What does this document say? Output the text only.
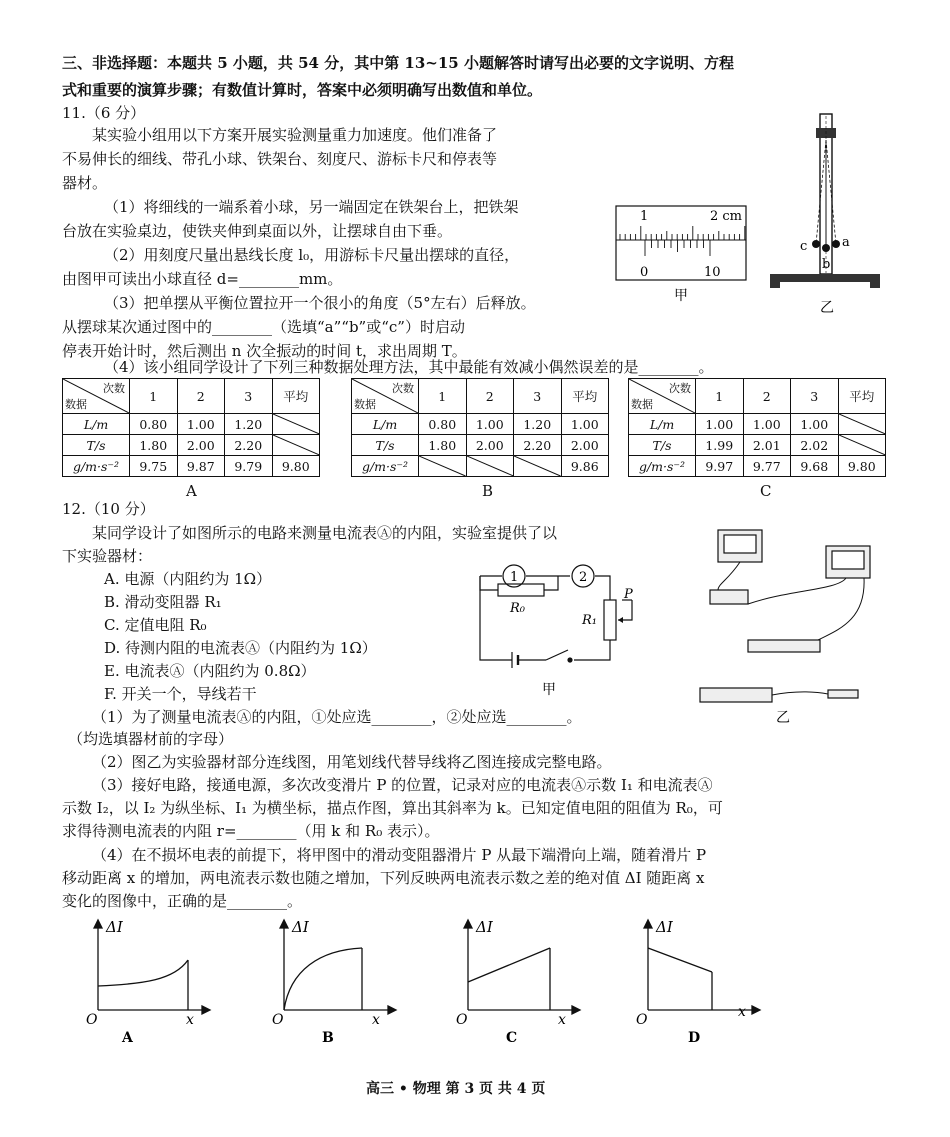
三、非选择题：本题共 5 小题，共 54 分，其中第 13~15 小题解答时请写出必要的文字说明、方程
式和重要的演算步骤；有数值计算时，答案中必须明确写出数值和单位。
11.（6 分）
某实验小组用以下方案开展实验测量重力加速度。他们准备了
不易伸长的细线、带孔小球、铁架台、刻度尺、游标卡尺和停表等
器材。
（1）将细线的一端系着小球，另一端固定在铁架台上，把铁架
台放在实验桌边，使铁夹伸到桌面以外，让摆球自由下垂。
（2）用刻度尺量出悬线长度 l₀，用游标卡尺量出摆球的直径，
由图甲可读出小球直径 d=________mm。
（3）把单摆从平衡位置拉开一个很小的角度（5°左右）后释放。
从摆球某次通过图中的________（选填“a”“b”或“c”）时启动
停表开始计时，然后测出 n 次全振动的时间 t，求出周期 T。
（4）该小组同学设计了下列三种数据处理方法，其中最能有效减小偶然误差的是________。
1	2 cm
0	10
甲
a
b
c
乙
次数
数据	1	2	3	平均
L/m	0.80	1.00	1.20	

T/s	1.80	2.00	2.20	

g/m·s⁻²	9.75	9.87	9.79	9.80
次数
数据	1	2	3	平均
L/m	0.80	1.00	1.20	1.00
T/s	1.80	2.00	2.20	2.00
g/m·s⁻²				9.86
次数
数据	1	2	3	平均
L/m	1.00	1.00	1.00	

T/s	1.99	2.01	2.02	

g/m·s⁻²	9.97	9.77	9.68	9.80
A	B	C
12.（10 分）
某同学设计了如图所示的电路来测量电流表Ⓐ的内阻，实验室提供了以
下实验器材：
A. 电源（内阻约为 1Ω）
B. 滑动变阻器 R₁
C. 定值电阻 R₀
D. 待测内阻的电流表Ⓐ（内阻约为 1Ω）
E. 电流表Ⓐ（内阻约为 0.8Ω）
F. 开关一个，导线若干
1	2
R₀
R₁
P
甲
乙
（1）为了测量电流表Ⓐ的内阻，①处应选________，②处应选________。
（均选填器材前的字母）
（2）图乙为实验器材部分连线图，用笔划线代替导线将乙图连接成完整电路。
（3）接好电路，接通电源，多次改变滑片 P 的位置，记录对应的电流表Ⓐ示数 I₁ 和电流表Ⓐ
示数 I₂，以 I₂ 为纵坐标、I₁ 为横坐标，描点作图，算出其斜率为 k。已知定值电阻的阻值为 R₀，可
求得待测电流表的内阻 r=________（用 k 和 R₀ 表示）。
（4）在不损坏电表的前提下，将甲图中的滑动变阻器滑片 P 从最下端滑向上端，随着滑片 P
移动距离 x 的增加，两电流表示数也随之增加，下列反映两电流表示数之差的绝对值 ΔI 随距离 x
变化的图像中，正确的是________。
ΔI
x
O
A
ΔI
x
O
B
ΔI
x
O
C
ΔI
x
O
D
高三 • 物理 第 3 页 共 4 页
